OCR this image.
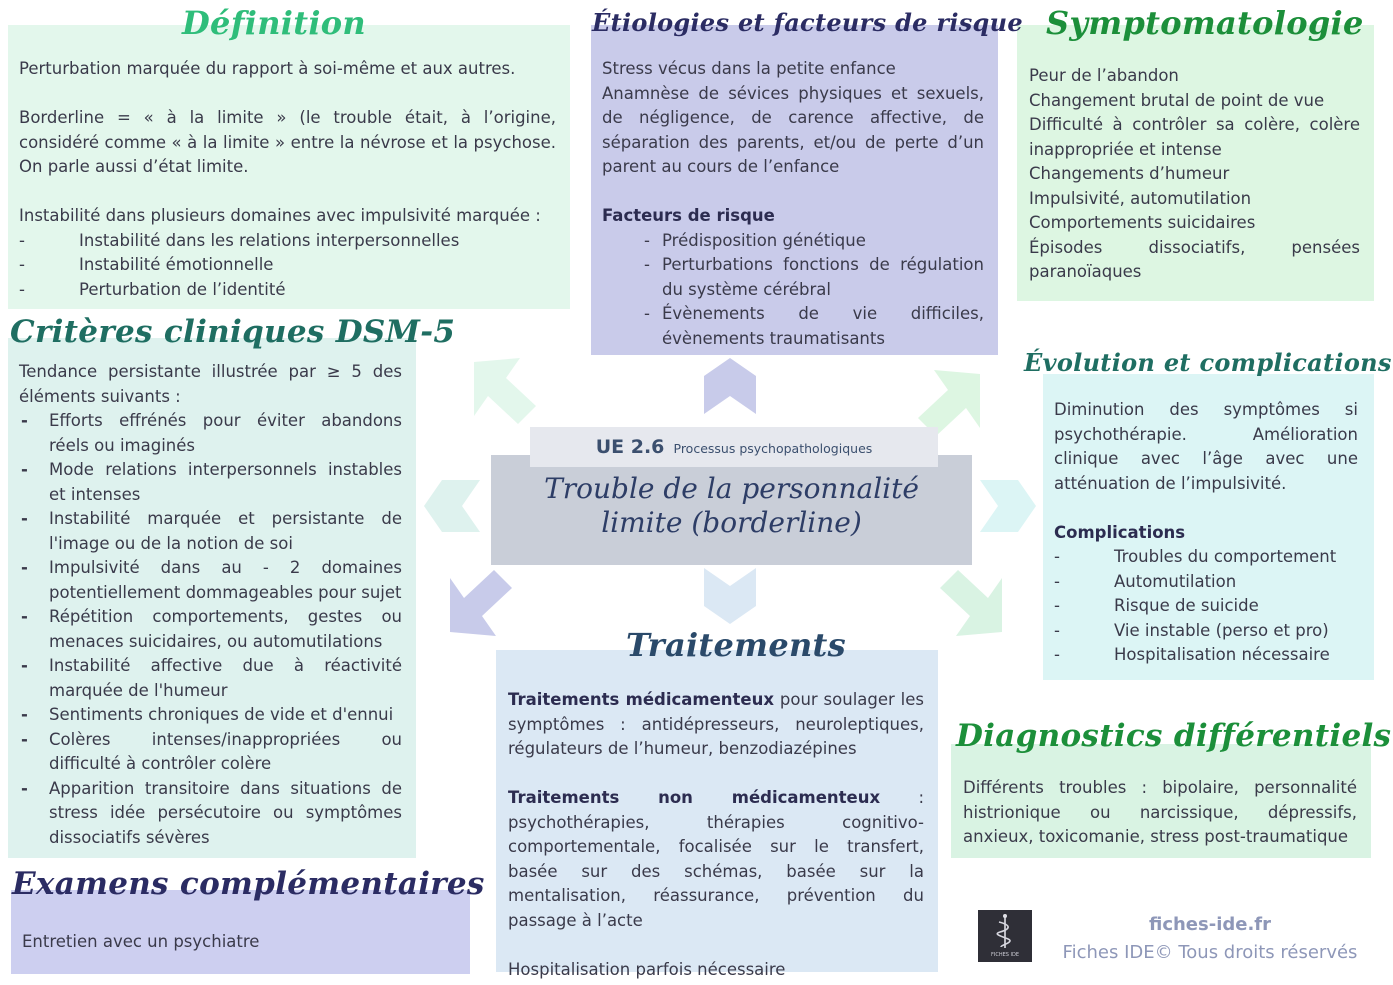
Définition

Perturbation marquée du rapport à soi-même et aux autres.

Borderline = « à la limite » (le trouble était, à l’origine, considéré comme « à la limite » entre la névrose et la psychose. On parle aussi d’état limite.

Instabilité dans plusieurs domaines avec impulsivité marquée :

- Instabilité dans les relations interpersonnelles
- Instabilité émotionnelle
- Perturbation de l’identité
Étiologies et facteurs de risque

Stress vécus dans la petite enfance

Anamnèse de sévices physiques et sexuels, de négligence, de carence affective, de séparation des parents, et/ou de perte d’un parent au cours de l’enfance

Facteurs de risque

- Prédisposition génétique
- Perturbations fonctions de régulation du système cérébral
- Évènements de vie difficiles, évènements traumatisants
Symptomatologie

Peur de l’abandon

Changement brutal de point de vue

Difficulté à contrôler sa colère, colère inappropriée et intense

Changements d’humeur

Impulsivité, automutilation

Comportements suicidaires

Épisodes dissociatifs, pensées paranoïaques

Critères cliniques DSM-5

Tendance persistante illustrée par ≥ 5 des éléments suivants :

- Efforts effrénés pour éviter abandons réels ou imaginés
- Mode relations interpersonnels instables et intenses
- Instabilité marquée et persistante de l'image ou de la notion de soi
- Impulsivité dans au - 2 domaines potentiellement dommageables pour sujet
- Répétition comportements, gestes ou menaces suicidaires, ou automutilations
- Instabilité affective due à réactivité marquée de l'humeur
- Sentiments chroniques de vide et d'ennui
- Colères intenses/inappropriées ou difficulté à contrôler colère
- Apparition transitoire dans situations de stress idée persécutoire ou symptômes dissociatifs sévères
UE 2.6 Processus psychopathologiques
Trouble de la personnalité
limite (borderline)
Évolution et complications

Diminution des symptômes si psychothérapie. Amélioration clinique avec l’âge avec une atténuation de l’impulsivité.

Complications

- Troubles du comportement
- Automutilation
- Risque de suicide
- Vie instable (perso et pro)
- Hospitalisation nécessaire
Traitements

Traitements médicamenteux pour soulager les symptômes : antidépresseurs, neuroleptiques, régulateurs de l’humeur, benzodiazépines

Traitements non médicamenteux : psychothérapies, thérapies cognitivo-comportementale, focalisée sur le transfert, basée sur des schémas, basée sur la mentalisation, réassurance, prévention du passage à l’acte

Hospitalisation parfois nécessaire

Diagnostics différentiels

Différents troubles : bipolaire, personnalité histrionique ou narcissique, dépressifs, anxieux, toxicomanie, stress post-traumatique

Examens complémentaires

Entretien avec un psychiatre

FICHES IDE
fiches-ide.fr
Fiches IDE© Tous droits réservés
